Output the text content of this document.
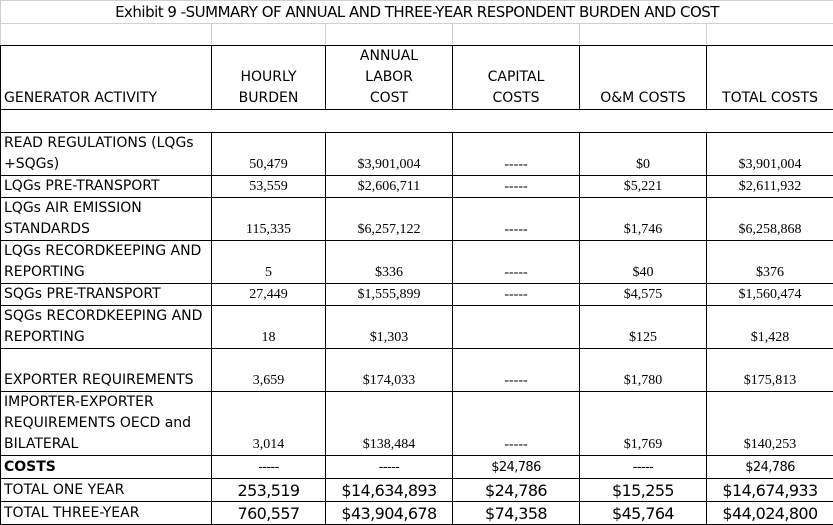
Exhibit 9 -SUMMARY OF ANNUAL AND THREE-YEAR RESPONDENT BURDEN AND COST					

GENERATOR ACTIVITY	HOURLY BURDEN	ANNUAL LABOR COST	CAPITAL COSTS	O&M COSTS	TOTAL COSTS

READ REGULATIONS (LQGs +SQGs)	50,479	$3,901,004	-----	$0	$3,901,004
LQGs PRE-TRANSPORT	53,559	$2,606,711	-----	$5,221	$2,611,932
LQGs AIR EMISSION STANDARDS	115,335	$6,257,122	-----	$1,746	$6,258,868
LQGs RECORDKEEPING AND REPORTING	5	$336	-----	$40	$376
SQGs PRE-TRANSPORT	27,449	$1,555,899	-----	$4,575	$1,560,474
SQGs RECORDKEEPING AND REPORTING	18	$1,303		$125	$1,428
EXPORTER REQUIREMENTS	3,659	$174,033	-----	$1,780	$175,813
IMPORTER-EXPORTER REQUIREMENTS OECD and BILATERAL	3,014	$138,484	-----	$1,769	$140,253
COSTS	-----	-----	$24,786	-----	$24,786
TOTAL ONE YEAR	253,519	$14,634,893	$24,786	$15,255	$14,674,933
TOTAL THREE-YEAR	760,557	$43,904,678	$74,358	$45,764	$44,024,800
